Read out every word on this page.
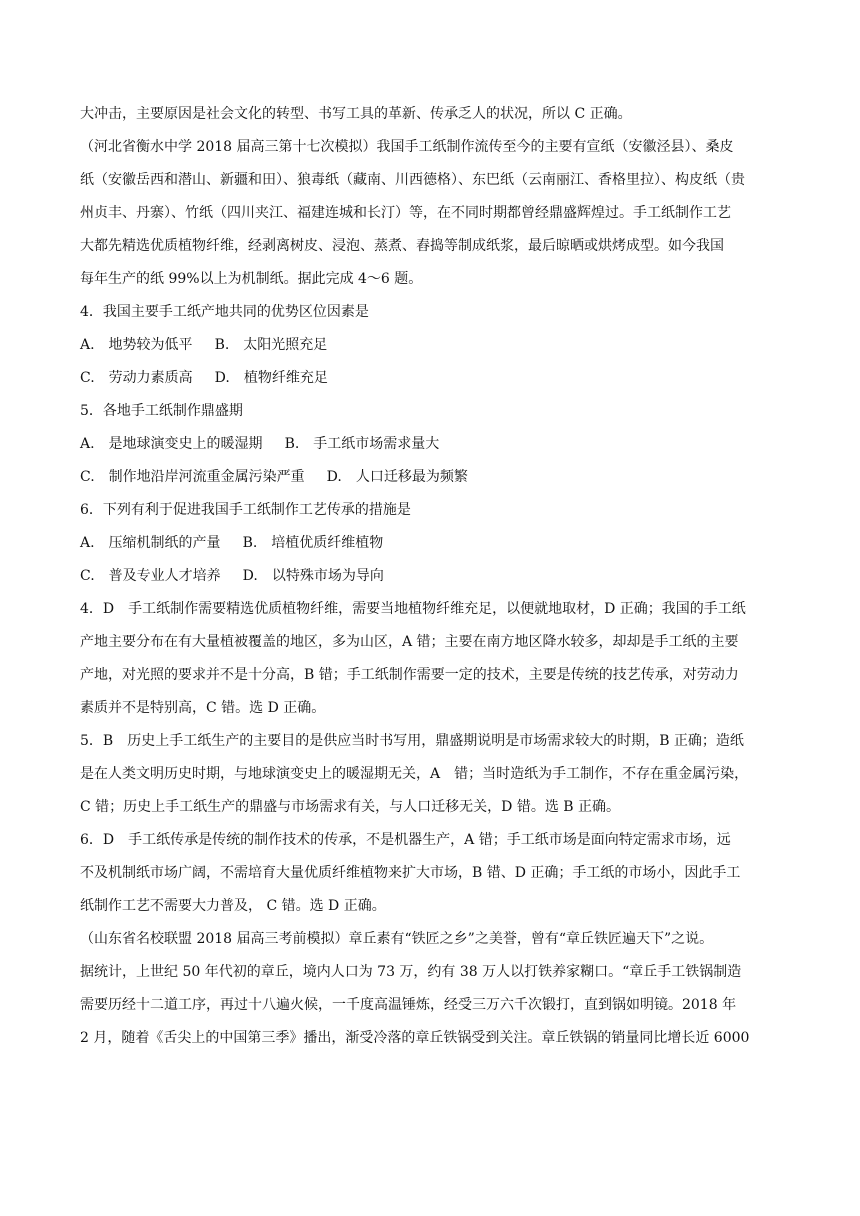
大冲击，主要原因是社会文化的转型、书写工具的革新、传承乏人的状况，所以 C 正确。
（河北省衡水中学 2018 届高三第十七次模拟）我国手工纸制作流传至今的主要有宣纸（安徽泾县）、桑皮
纸（安徽岳西和潜山、新疆和田）、狼毒纸（藏南、川西德格）、东巴纸（云南丽江、香格里拉）、构皮纸（贵
州贞丰、丹寨）、竹纸（四川夹江、福建连城和长汀）等，在不同时期都曾经鼎盛辉煌过。手工纸制作工艺
大都先精选优质植物纤维，经剥离树皮、浸泡、蒸煮、舂捣等制成纸浆，最后晾晒或烘烤成型。如今我国
每年生产的纸 99%以上为机制纸。据此完成 4～6 题。
4．我国主要手工纸产地共同的优势区位因素是
A.　地势较为低平 B.　太阳光照充足
C.　劳动力素质高 D.　植物纤维充足
5．各地手工纸制作鼎盛期
A.　是地球演变史上的暖湿期 B.　手工纸市场需求量大
C.　制作地沿岸河流重金属污染严重 D.　人口迁移最为频繁
6．下列有利于促进我国手工纸制作工艺传承的措施是
A.　压缩机制纸的产量 B.　培植优质纤维植物
C.　普及专业人才培养 D.　以特殊市场为导向
4．D　手工纸制作需要精选优质植物纤维，需要当地植物纤维充足，以便就地取材，D 正确；我国的手工纸
产地主要分布在有大量植被覆盖的地区，多为山区，A 错；主要在南方地区降水较多，却却是手工纸的主要
产地，对光照的要求并不是十分高，B 错；手工纸制作需要一定的技术，主要是传统的技艺传承，对劳动力
素质并不是特别高，C 错。选 D 正确。
5．B　历史上手工纸生产的主要目的是供应当时书写用，鼎盛期说明是市场需求较大的时期，B 正确；造纸
是在人类文明历史时期，与地球演变史上的暖湿期无关，A　错；当时造纸为手工制作，不存在重金属污染，
C 错；历史上手工纸生产的鼎盛与市场需求有关，与人口迁移无关，D 错。选 B 正确。
6．D　手工纸传承是传统的制作技术的传承，不是机器生产，A 错；手工纸市场是面向特定需求市场，远
不及机制纸市场广阔，不需培育大量优质纤维植物来扩大市场，B 错、D 正确；手工纸的市场小，因此手工
纸制作工艺不需要大力普及， C 错。选 D 正确。
（山东省名校联盟 2018 届高三考前模拟）章丘素有“铁匠之乡”之美誉，曾有“章丘铁匠遍天下”之说。
据统计，上世纪 50 年代初的章丘，境内人口为 73 万，约有 38 万人以打铁养家糊口。“章丘手工铁锅制造
需要历经十二道工序，再过十八遍火候，一千度高温锤炼，经受三万六千次锻打，直到锅如明镜。2018 年
2 月，随着《舌尖上的中国第三季》播出，渐受冷落的章丘铁锅受到关注。章丘铁锅的销量同比增长近 6000
